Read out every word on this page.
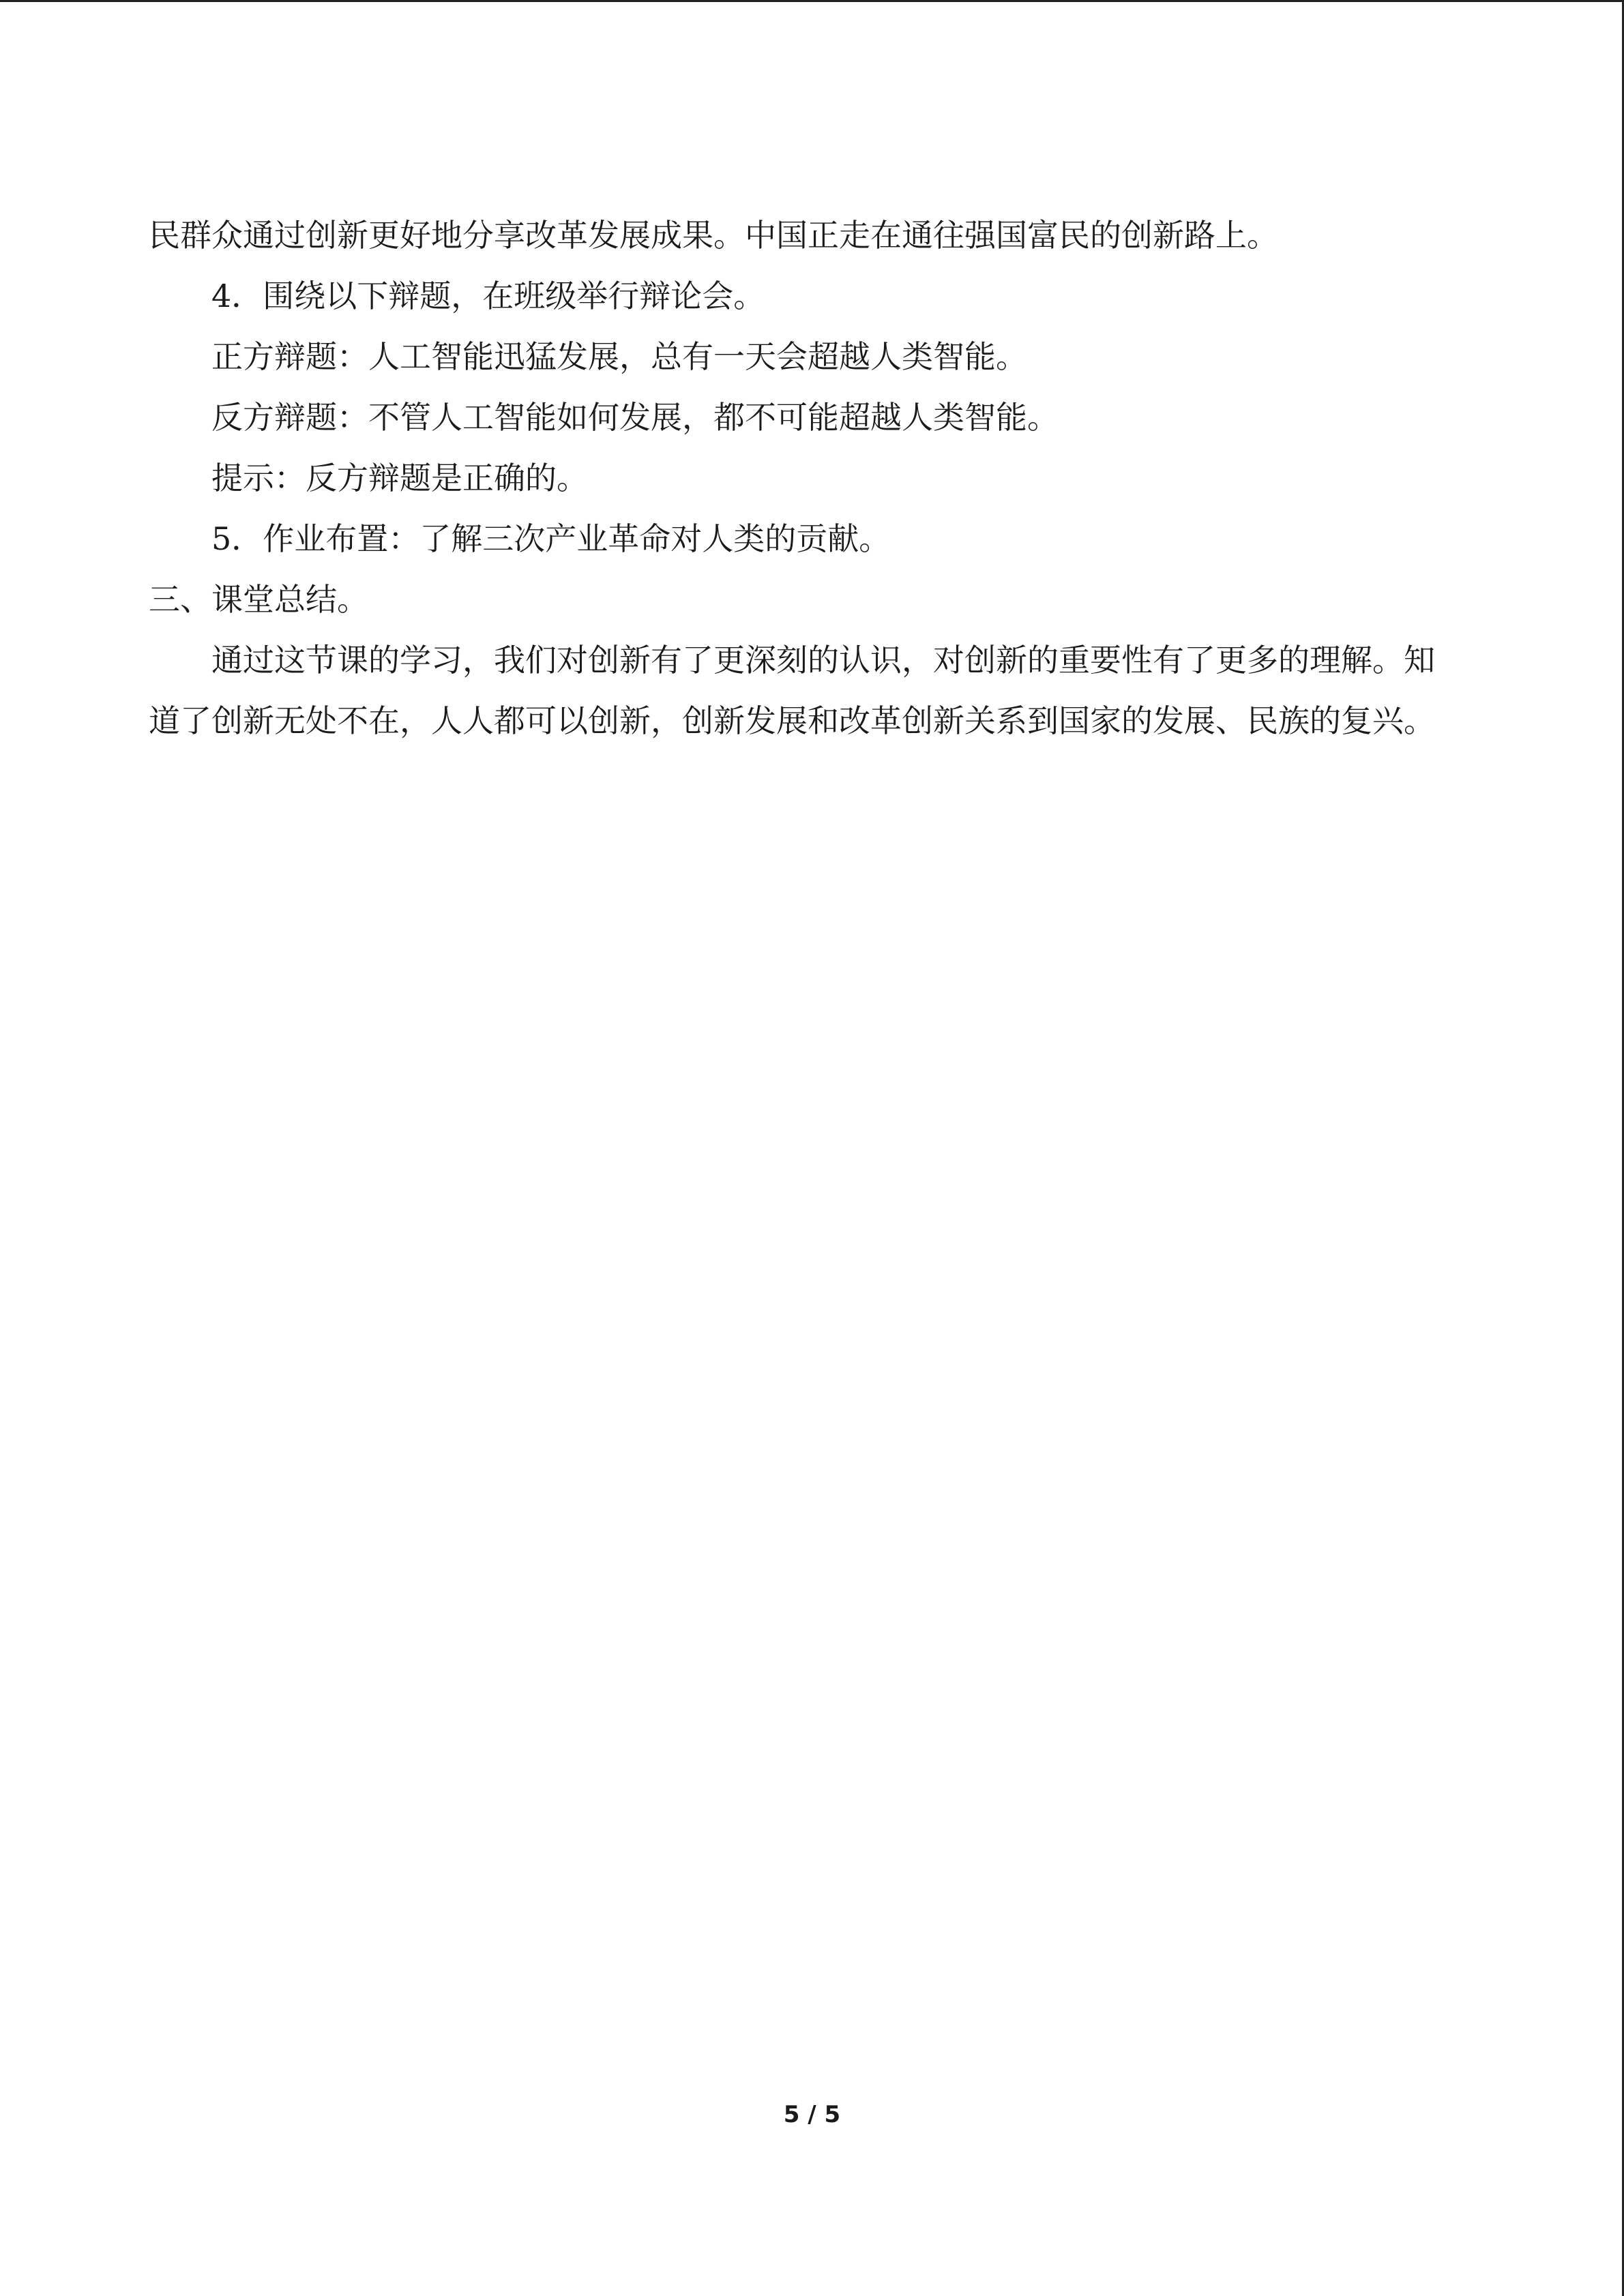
民群众通过创新更好地分享改革发展成果。中国正走在通往强国富民的创新路上。

4．围绕以下辩题，在班级举行辩论会。

正方辩题：人工智能迅猛发展，总有一天会超越人类智能。

反方辩题：不管人工智能如何发展，都不可能超越人类智能。

提示：反方辩题是正确的。

5．作业布置：了解三次产业革命对人类的贡献。

三、课堂总结。

通过这节课的学习，我们对创新有了更深刻的认识，对创新的重要性有了更多的理解。知道了创新无处不在，人人都可以创新，创新发展和改革创新关系到国家的发展、民族的复兴。

5 / 5
